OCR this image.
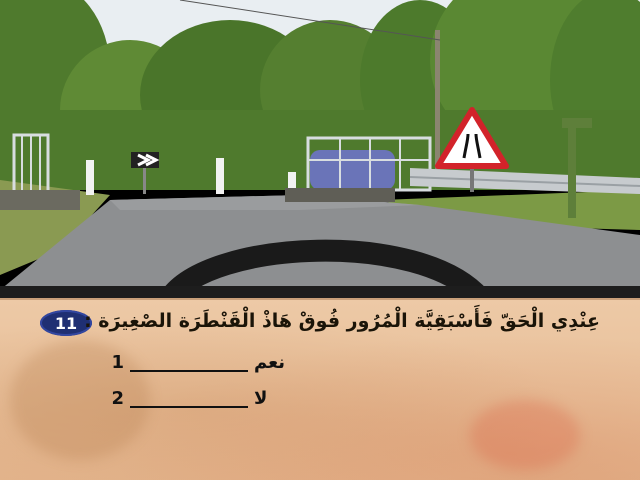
11 عِنْدِي الْحَقّ فَأَسْبَقِيَّة الْمُرُور فُوقْ هَاذْ الْقَنْطَرَة الصْغِيرَة :
1	نعم
2	لا
